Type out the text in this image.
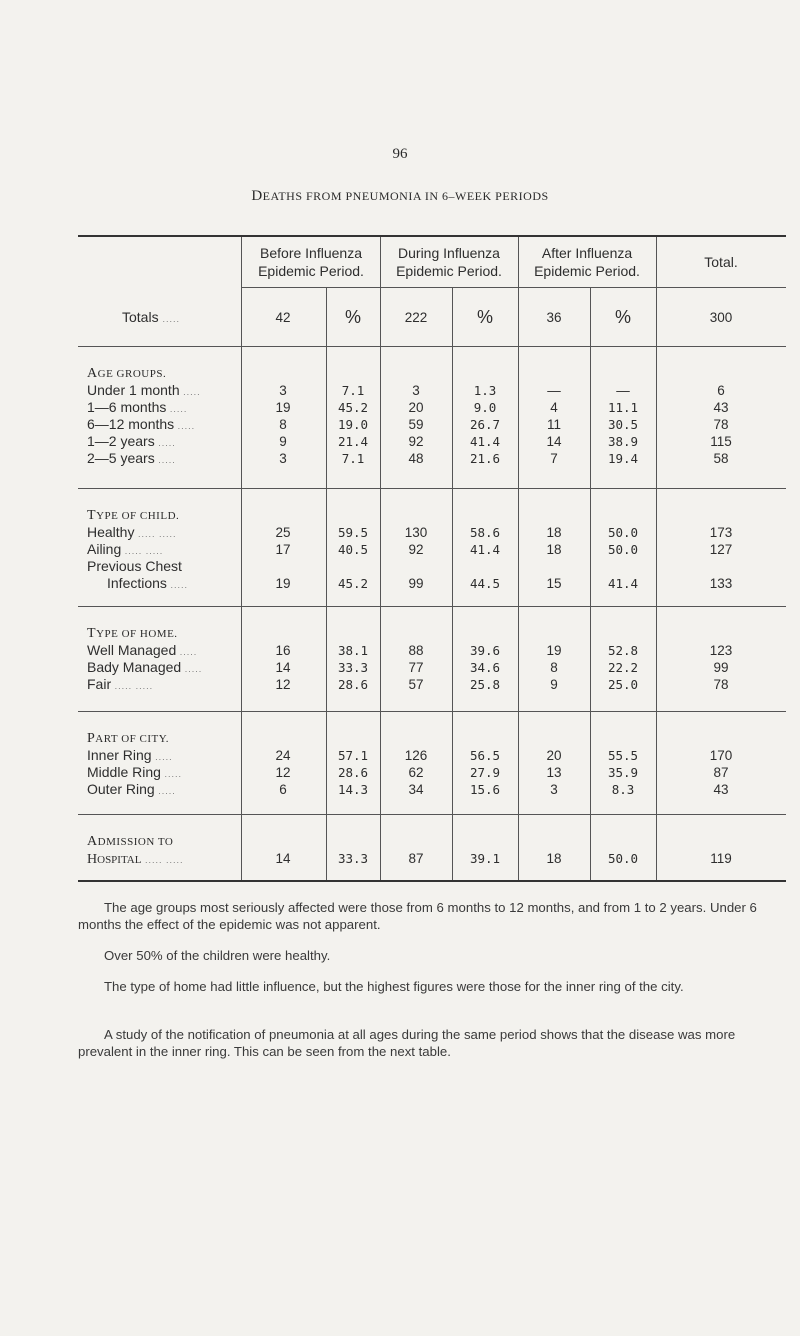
96
DEATHS FROM PNEUMONIA IN 6–WEEK PERIODS
Before Influenza Epidemic Period.
During Influenza Epidemic Period.
After Influenza Epidemic Period.
Total.
Totals .....	42	%	222	%	36	%	300
AGE GROUPS.
Under 1 month .....	3	7.1	3	1.3	—	—	6
1—6 months .....	19	45.2	20	9.0	4	11.1	43
6—12 months .....	8	19.0	59	26.7	11	30.5	78
1—2 years .....	9	21.4	92	41.4	14	38.9	115
2—5 years .....	3	7.1	48	21.6	7	19.4	58
TYPE OF CHILD.
Healthy ..... .....	25	59.5	130	58.6	18	50.0	173
Ailing ..... .....	17	40.5	92	41.4	18	50.0	127
Previous Chest
Infections .....	19	45.2	99	44.5	15	41.4	133
TYPE OF HOME.
Well Managed .....	16	38.1	88	39.6	19	52.8	123
Bady Managed .....	14	33.3	77	34.6	8	22.2	99
Fair ..... .....	12	28.6	57	25.8	9	25.0	78
PART OF CITY.
Inner Ring .....	24	57.1	126	56.5	20	55.5	170
Middle Ring .....	12	28.6	62	27.9	13	35.9	87
Outer Ring .....	6	14.3	34	15.6	3	8.3	43
ADMISSION TO
HOSPITAL ..... .....	14	33.3	87	39.1	18	50.0	119
The age groups most seriously affected were those from 6 months to 12 months, and from 1 to 2 years. Under 6 months the effect of the epidemic was not apparent.
Over 50% of the children were healthy.
The type of home had little influence, but the highest figures were those for the inner ring of the city.
A study of the notification of pneumonia at all ages during the same period shows that the disease was more prevalent in the inner ring. This can be seen from the next table.
